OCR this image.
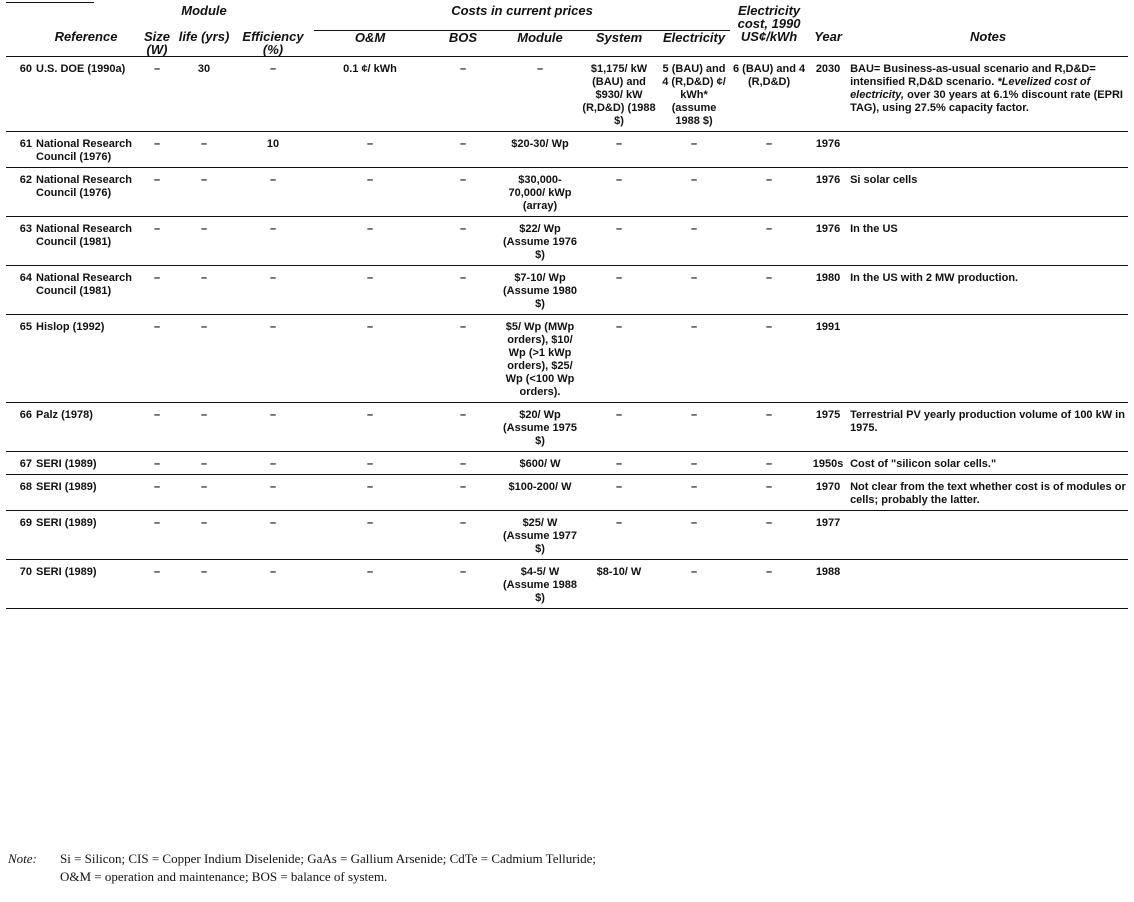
			Module		Costs in current prices					Electricity
cost, 1990		
	Reference	Size (W)	life (yrs)	Efficiency (%)	O&M	BOS	Module	System	Electricity	US¢/kWh	Year	Notes
60	U.S. DOE (1990a)	–	30	–	0.1 ¢/ kWh	–	–	$1,175/ kW (BAU) and $930/ kW (R,D&D) (1988 $)	5 (BAU) and 4 (R,D&D) ¢/ kWh* (assume 1988 $)	6 (BAU) and 4 (R,D&D)	2030	BAU= Business-as-usual scenario and R,D&D= intensified R,D&D scenario. *Levelized cost of electricity, over 30 years at 6.1% discount rate (EPRI TAG), using 27.5% capacity factor.
61	National Research Council (1976)	–	–	10	–	–	$20-30/ Wp	–	–	–	1976	
62	National Research Council (1976)	–	–	–	–	–	$30,000-70,000/ kWp (array)	–	–	–	1976	Si solar cells
63	National Research Council (1981)	–	–	–	–	–	$22/ Wp (Assume 1976 $)	–	–	–	1976	In the US
64	National Research Council (1981)	–	–	–	–	–	$7-10/ Wp (Assume 1980 $)	–	–	–	1980	In the US with 2 MW production.
65	Hislop (1992)	–	–	–	–	–	$5/ Wp (MWp orders), $10/ Wp (>1 kWp orders), $25/ Wp (<100 Wp orders).	–	–	–	1991	
66	Palz (1978)	–	–	–	–	–	$20/ Wp (Assume 1975 $)	–	–	–	1975	Terrestrial PV yearly production volume of 100 kW in 1975.
67	SERI (1989)	–	–	–	–	–	$600/ W	–	–	–	1950s	Cost of "silicon solar cells."
68	SERI (1989)	–	–	–	–	–	$100-200/ W	–	–	–	1970	Not clear from the text whether cost is of modules or cells; probably the latter.
69	SERI (1989)	–	–	–	–	–	$25/ W (Assume 1977 $)	–	–	–	1977	
70	SERI (1989)	–	–	–	–	–	$4-5/ W (Assume 1988 $)	$8-10/ W	–	–	1988	
Note: Si = Silicon; CIS = Copper Indium Diselenide; GaAs = Gallium Arsenide; CdTe = Cadmium Telluride;
O&M = operation and maintenance; BOS = balance of system.
